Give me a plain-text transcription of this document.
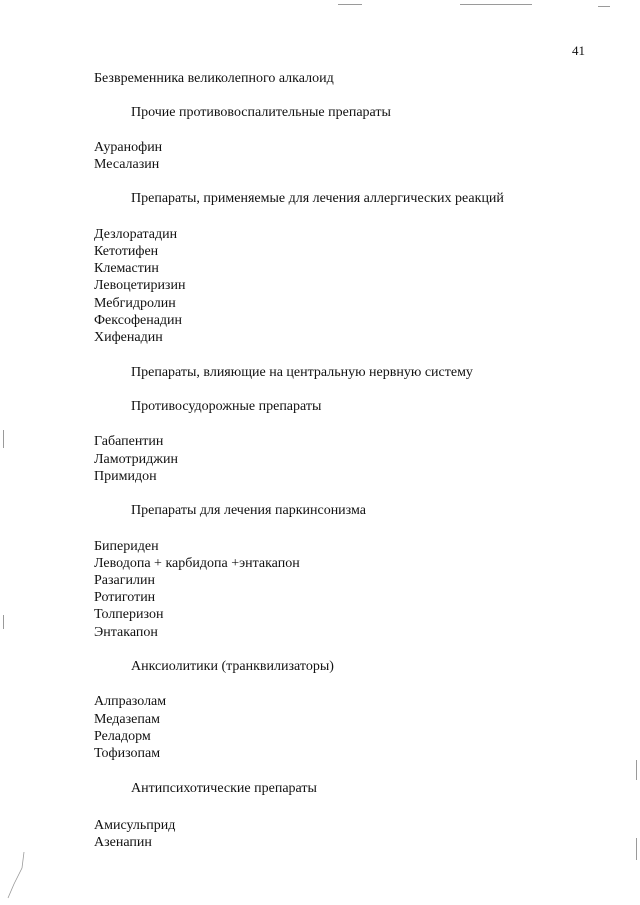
41
Безвременника великолепного алкалоид
Прочие противовоспалительные препараты
Ауранофин
Месалазин
Препараты, применяемые для лечения аллергических реакций
Дезлоратадин
Кетотифен
Клемастин
Левоцетиризин
Мебгидролин
Фексофенадин
Хифенадин
Препараты, влияющие на центральную нервную систему
Противосудорожные препараты
Габапентин
Ламотриджин
Примидон
Препараты для лечения паркинсонизма
Бипериден
Леводопа + карбидопа +энтакапон
Разагилин
Ротиготин
Толперизон
Энтакапон
Анксиолитики (транквилизаторы)
Алпразолам
Медазепам
Реладорм
Тофизопам
Антипсихотические препараты
Амисульприд
Азенапин
